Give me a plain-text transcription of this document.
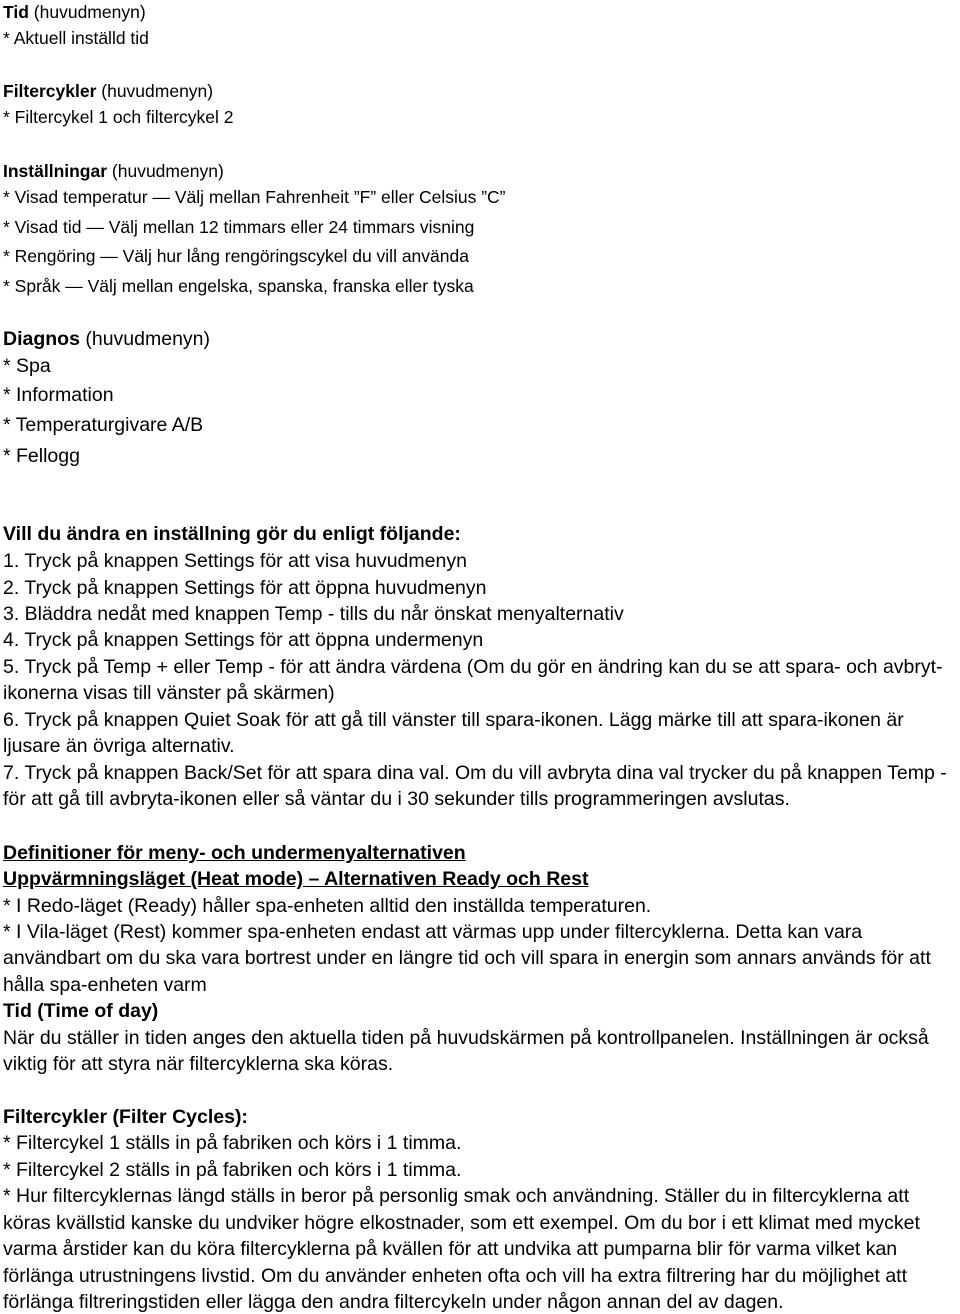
Tid (huvudmenyn)
* Aktuell inställd tid
Filtercykler (huvudmenyn)
* Filtercykel 1 och filtercykel 2
Inställningar (huvudmenyn)
* Visad temperatur — Välj mellan Fahrenheit ”F” eller Celsius ”C”
* Visad tid — Välj mellan 12 timmars eller 24 timmars visning
* Rengöring — Välj hur lång rengöringscykel du vill använda
* Språk — Välj mellan engelska, spanska, franska eller tyska
Diagnos (huvudmenyn)
* Spa
* Information
* Temperaturgivare A/B
* Fellogg
Vill du ändra en inställning gör du enligt följande:
1. Tryck på knappen Settings för att visa huvudmenyn
2. Tryck på knappen Settings för att öppna huvudmenyn
3. Bläddra nedåt med knappen Temp - tills du når önskat menyalternativ
4. Tryck på knappen Settings för att öppna undermenyn
5. Tryck på Temp + eller Temp - för att ändra värdena (Om du gör en ändring kan du se att spara- och avbryt-
ikonerna visas till vänster på skärmen)
6. Tryck på knappen Quiet Soak för att gå till vänster till spara-ikonen. Lägg märke till att spara-ikonen är
ljusare än övriga alternativ.
7. Tryck på knappen Back/Set för att spara dina val. Om du vill avbryta dina val trycker du på knappen Temp -
för att gå till avbryta-ikonen eller så väntar du i 30 sekunder tills programmeringen avslutas.
Definitioner för meny- och undermenyalternativen
Uppvärmningsläget (Heat mode) – Alternativen Ready och Rest
* I Redo-läget (Ready) håller spa-enheten alltid den inställda temperaturen.
* I Vila-läget (Rest) kommer spa-enheten endast att värmas upp under filtercyklerna. Detta kan vara
användbart om du ska vara bortrest under en längre tid och vill spara in energin som annars används för att
hålla spa-enheten varm
Tid (Time of day)
När du ställer in tiden anges den aktuella tiden på huvudskärmen på kontrollpanelen. Inställningen är också
viktig för att styra när filtercyklerna ska köras.
Filtercykler (Filter Cycles):
* Filtercykel 1 ställs in på fabriken och körs i 1 timma.
* Filtercykel 2 ställs in på fabriken och körs i 1 timma.
* Hur filtercyklernas längd ställs in beror på personlig smak och användning. Ställer du in filtercyklerna att
köras kvällstid kanske du undviker högre elkostnader, som ett exempel. Om du bor i ett klimat med mycket
varma årstider kan du köra filtercyklerna på kvällen för att undvika att pumparna blir för varma vilket kan
förlänga utrustningens livstid. Om du använder enheten ofta och vill ha extra filtrering har du möjlighet att
förlänga filtreringstiden eller lägga den andra filtercykeln under någon annan del av dagen.
